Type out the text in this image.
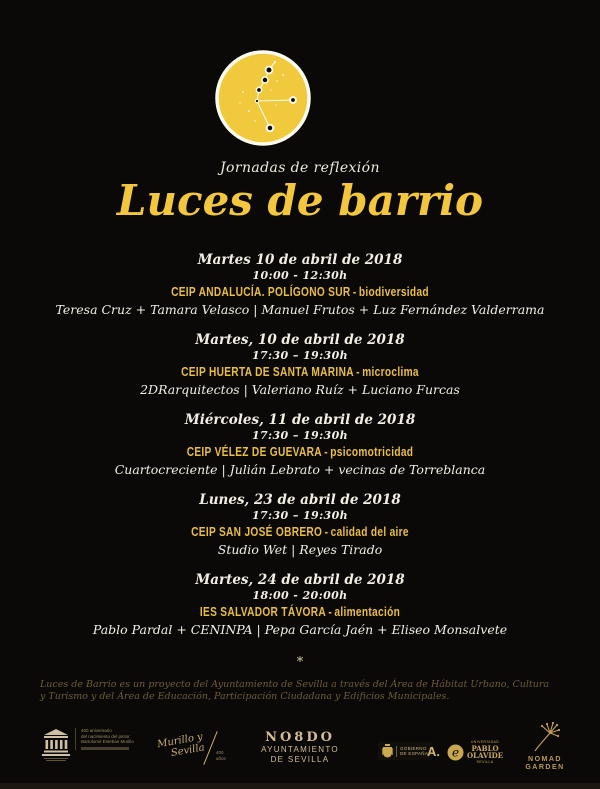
Jornadas de reflexión
Luces de barrio
Martes 10 de abril de 2018
10:00 - 12:30h
CEIP ANDALUCÍA. POLÍGONO SUR - biodiversidad
Teresa Cruz + Tamara Velasco | Manuel Frutos + Luz Fernández Valderrama
Martes, 10 de abril de 2018
17:30 – 19:30h
CEIP HUERTA DE SANTA MARINA - microclima
2DRarquitectos | Valeriano Ruíz + Luciano Furcas
Miércoles, 11 de abril de 2018
17:30 – 19:30h
CEIP VÉLEZ DE GUEVARA - psicomotricidad
Cuartocreciente | Julián Lebrato + vecinas de Torreblanca
Lunes, 23 de abril de 2018
17:30 – 19:30h
CEIP SAN JOSÉ OBRERO - calidad del aire
Studio Wet | Reyes Tirado
Martes, 24 de abril de 2018
18:00 - 20:00h
IES SALVADOR TÁVORA - alimentación
Pablo Pardal + CENINPA | Pepa García Jaén + Eliseo Monsalvete
*
Luces de Barrio es un proyecto del Ayuntamiento de Sevilla a través del Área de Hábitat Urbano, Cultura y Turismo y del Área de Educación, Participación Ciudadana y Edificios Municipales.
400 aniversario
del nacimiento del pintor
Bartolomé Esteban Murillo	Murillo y Sevilla 400 años
NO8DO
AYUNTAMIENTO
DE SEVILLA
GOBIERNO
DE ESPAÑA
A. e
UNIVERSIDAD
PABLO
OLAVIDE
SEVILLA	NOMAD
GARDEN
